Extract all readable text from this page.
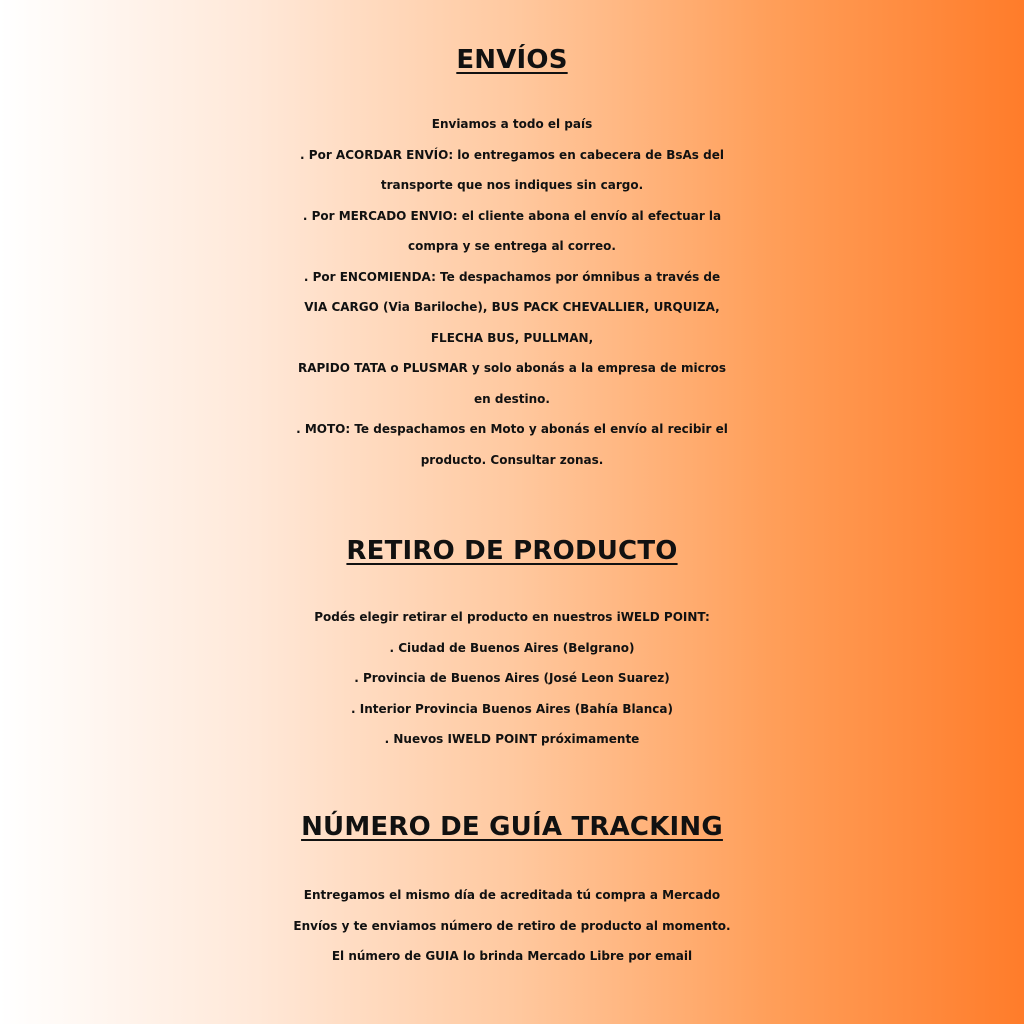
ENVÍOS
Enviamos a todo el país
. Por ACORDAR ENVÍO: lo entregamos en cabecera de BsAs del
transporte que nos indiques sin cargo.
. Por MERCADO ENVIO: el cliente abona el envío al efectuar la
compra y se entrega al correo.
. Por ENCOMIENDA: Te despachamos por ómnibus a través de
VIA CARGO (Via Bariloche), BUS PACK CHEVALLIER, URQUIZA,
FLECHA BUS, PULLMAN,
RAPIDO TATA o PLUSMAR y solo abonás a la empresa de micros
en destino.
. MOTO: Te despachamos en Moto y abonás el envío al recibir el
producto. Consultar zonas.
RETIRO DE PRODUCTO
Podés elegir retirar el producto en nuestros iWELD POINT:
. Ciudad de Buenos Aires (Belgrano)
. Provincia de Buenos Aires (José Leon Suarez)
. Interior Provincia Buenos Aires (Bahía Blanca)
. Nuevos IWELD POINT próximamente
NÚMERO DE GUÍA TRACKING
Entregamos el mismo día de acreditada tú compra a Mercado
Envíos y te enviamos número de retiro de producto al momento.
El número de GUIA lo brinda Mercado Libre por email
